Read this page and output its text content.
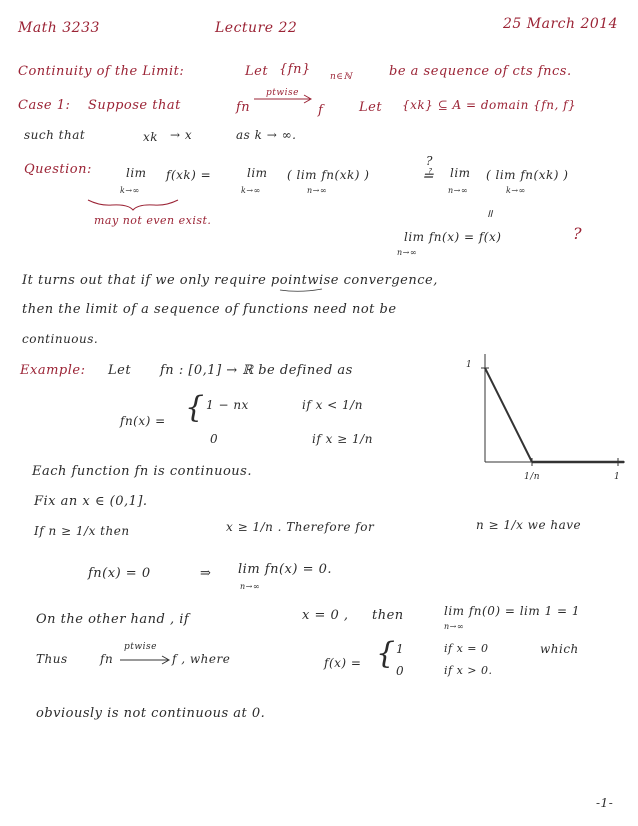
Math 3233	Lecture 22	25 March 2014
Continuity of the Limit:	Let {fn} n∈ℕ	be a sequence of cts fncs.
Case 1: Suppose that	fn
ptwise
f	Let {xk} ⊆ A = domain {fn, f}
such that	xk → x	as k → ∞.
Question:	lim
k→∞
f(xk) =	lim
k→∞
( lim fn(xk) )
n→∞
?
≟ lim
n→∞
( lim fn(xk) )
k→∞
may not even exist.
॥
lim fn(x) = f(x)
n→∞
?
It turns out that if we only require pointwise convergence,
then the limit of a sequence of functions need not be
continuous.
Example: Let fn : [0,1] → ℝ be defined as
fn(x) = { 1 − nx	if x < 1/n
0	if x ≥ 1/n
1
1/n	1
Each function fn is continuous.
Fix an x ∈ (0,1].
If n ≥ 1/x then	x ≥ 1/n . Therefore for	n ≥ 1/x we have
fn(x) = 0	⇒ lim fn(x) = 0.
n→∞
On the other hand , if	x = 0 , then	lim fn(0) = lim 1 = 1
n→∞
Thus	fn
ptwise
f , where	f(x) = { 1
0
if x = 0
if x > 0.
which
obviously is not continuous at 0.
-1-
